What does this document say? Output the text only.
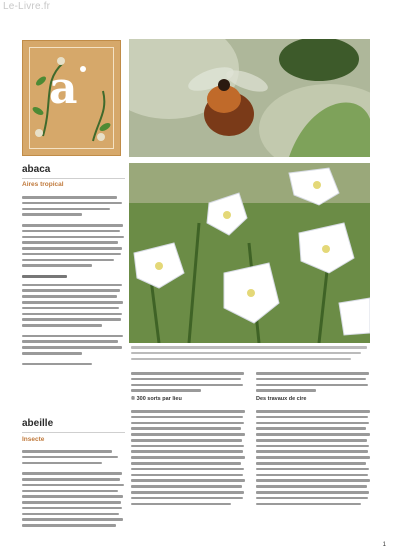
Le-Livre.fr
a
abaca
Aires tropical
abeille
Insecte
® 300 sorts par lieu	Des travaux de cire
1
